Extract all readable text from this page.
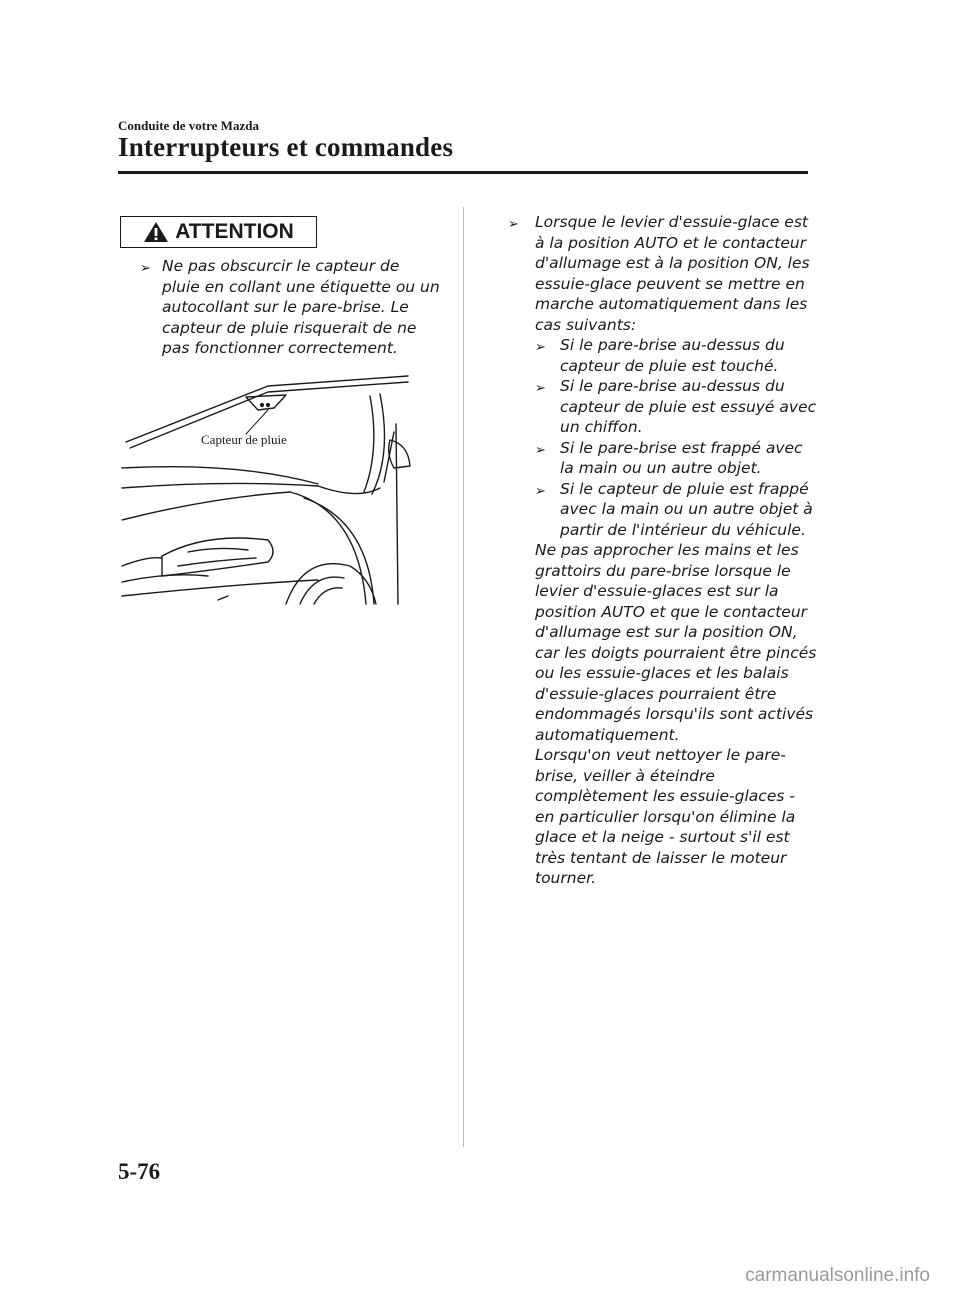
Conduite de votre Mazda
Interrupteurs et commandes
ATTENTION
➢ Ne pas obscurcir le capteur de pluie en collant une étiquette ou un autocollant sur le pare-brise. Le capteur de pluie risquerait de ne pas fonctionner correctement.
Capteur de pluie
➢ Lorsque le levier d'essuie-glace est à la position AUTO et le contacteur d'allumage est à la position ON, les essuie-glace peuvent se mettre en marche automatiquement dans les cas suivants:
➢ Si le pare-brise au-dessus du capteur de pluie est touché.
➢ Si le pare-brise au-dessus du capteur de pluie est essuyé avec un chiffon.
➢ Si le pare-brise est frappé avec la main ou un autre objet.
➢ Si le capteur de pluie est frappé avec la main ou un autre objet à partir de l'intérieur du véhicule.

Ne pas approcher les mains et les grattoirs du pare-brise lorsque le levier d'essuie-glaces est sur la position AUTO et que le contacteur d'allumage est sur la position ON, car les doigts pourraient être pincés ou les essuie-glaces et les balais d'essuie-glaces pourraient être endommagés lorsqu'ils sont activés automatiquement.

Lorsqu'on veut nettoyer le pare-brise, veiller à éteindre complètement les essuie-glaces - en particulier lorsqu'on élimine la glace et la neige - surtout s'il est très tentant de laisser le moteur tourner.

5-76
carmanualsonline.info
